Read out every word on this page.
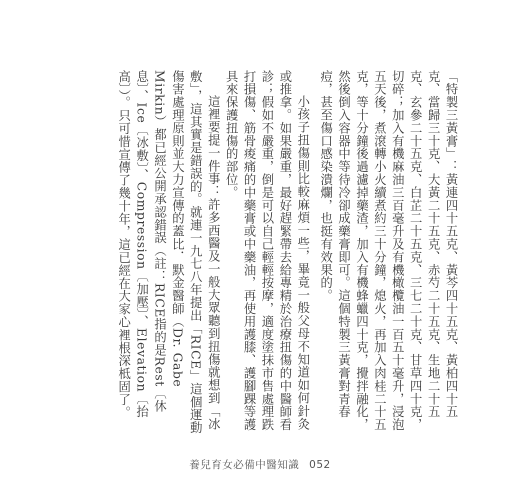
「特製三黃膏」：黃連四十五克、黃芩四十五克、黃柏四十五克、當歸三十克、大黃二十五克、赤芍二十五克、生地二十五克、玄參二十五克、白芷二十五克、三七二十克、甘草四十克，切碎；加入有機麻油三百毫升及有機橄欖油一百五十毫升，浸泡五天後，煮滾轉小火續煮約三十分鐘，熄火，再加入肉桂二十五克，等十分鐘後過濾掉藥渣，加入有機蜂蠟四十克，攪拌融化，然後倒入容器中等待冷卻成藥膏即可。這個特製三黃膏對青春痘，甚至傷口感染潰爛，也挺有效果的。

小孩子扭傷則比較麻煩一些，畢竟一般父母不知道如何針灸或推拿。如果嚴重，最好趕緊帶去給專精於治療扭傷的中醫師看診；假如不嚴重，倒是可以自己輕輕按摩，適度塗抹市售處理跌打損傷、筋骨痠痛的中藥膏或中藥油，再使用護膝、護腳踝等護具來保護扭傷的部位。

這裡要提一件事：許多西醫及一般大眾聽到扭傷就想到「冰敷」，這其實是錯誤的。就連一九七八年提出「RICE」這個運動傷害處理原則並大力宣傳的蓋比．默金醫師（Dr. Gabe Mirkin）都已經公開承認錯誤（註：RICE指的是Rest〔休息〕、Ice〔冰敷〕、Compression〔加壓〕、Elevation〔抬高〕）。只可惜宣傳了幾十年，這已經在大家心裡根深柢固了。

養兒育女必備中醫知識 052
